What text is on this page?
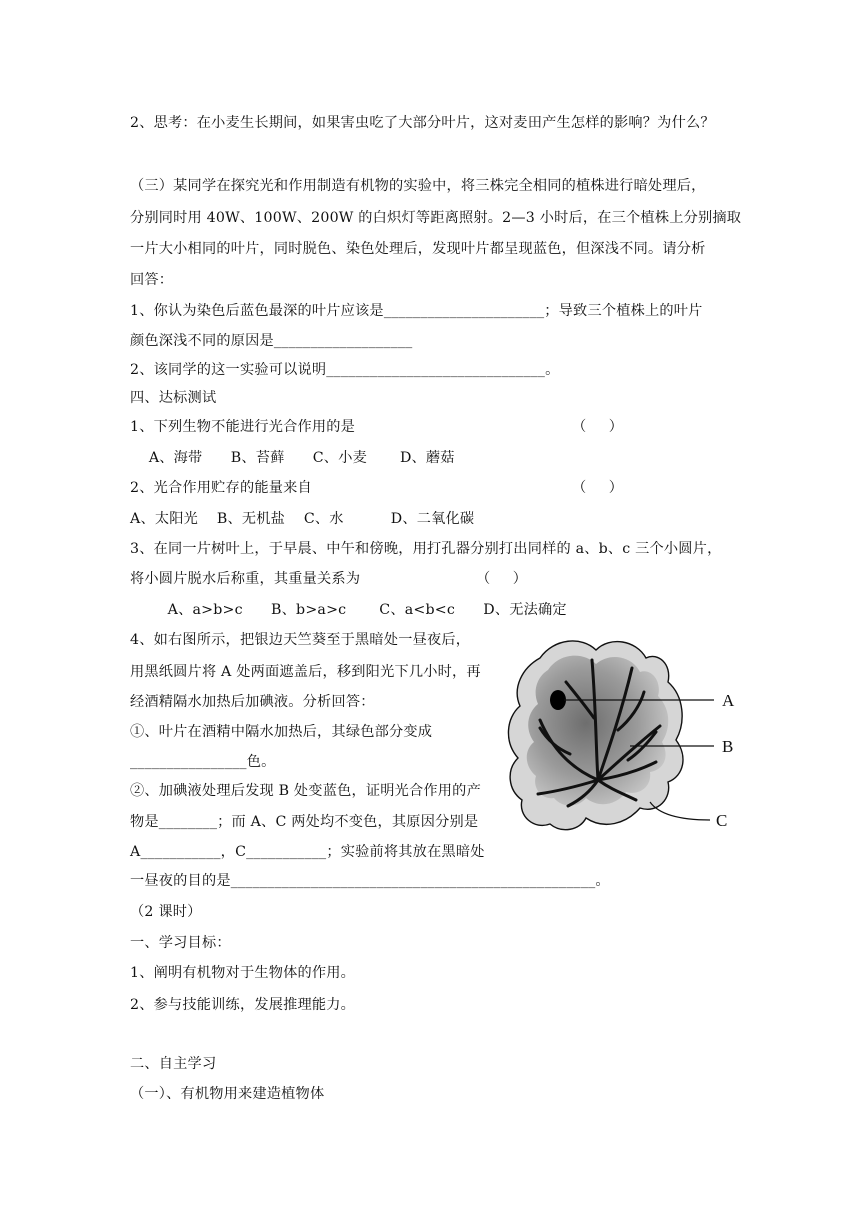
2、思考：在小麦生长期间，如果害虫吃了大部分叶片，这对麦田产生怎样的影响？为什么？
（三）某同学在探究光和作用制造有机物的实验中，将三株完全相同的植株进行暗处理后，
分别同时用 40W、100W、200W 的白炽灯等距离照射。2—3 小时后，在三个植株上分别摘取
一片大小相同的叶片，同时脱色、染色处理后，发现叶片都呈现蓝色，但深浅不同。请分析
回答：
1、你认为染色后蓝色最深的叶片应该是______________________；导致三个植株上的叶片
颜色深浅不同的原因是___________________
2、该同学的这一实验可以说明______________________________。
四、达标测试
1、下列生物不能进行光合作用的是	（     ）
A、海带      B、苔藓      C、小麦       D、蘑菇
2、光合作用贮存的能量来自	（     ）
A、太阳光    B、无机盐    C、水          D、二氧化碳
3、在同一片树叶上，于早晨、中午和傍晚，用打孔器分别打出同样的 a、b、c 三个小圆片，
将小圆片脱水后称重，其重量关系为	（     ）
A、a>b>c      B、b>a>c       C、a<b<c      D、无法确定
4、如右图所示，把银边天竺葵至于黑暗处一昼夜后，
用黑纸圆片将 A 处两面遮盖后，移到阳光下几小时，再
经酒精隔水加热后加碘液。分析回答：
①、叶片在酒精中隔水加热后，其绿色部分变成
________________色。
②、加碘液处理后发现 B 处变蓝色，证明光合作用的产
物是________；而 A、C 两处均不变色，其原因分别是
A___________，C___________；实验前将其放在黑暗处
一昼夜的目的是__________________________________________________。
（2 课时）
一、学习目标：
1、阐明有机物对于生物体的作用。
2、参与技能训练，发展推理能力。
二、自主学习
（一）、有机物用来建造植物体
A
B
C
